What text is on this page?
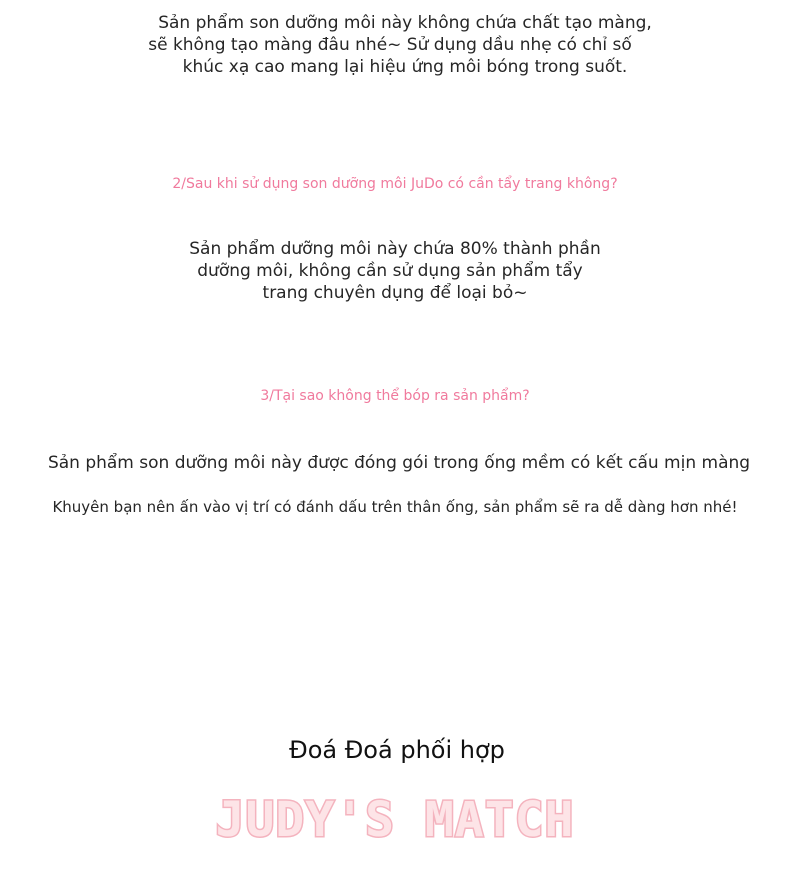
Sản phẩm son dưỡng môi này không chứa chất tạo màng,
sẽ không tạo màng đâu nhé~ Sử dụng dầu nhẹ có chỉ số
khúc xạ cao mang lại hiệu ứng môi bóng trong suốt.
2/Sau khi sử dụng son dưỡng môi JuDo có cần tẩy trang không?
Sản phẩm dưỡng môi này chứa 80% thành phần
dưỡng môi, không cần sử dụng sản phẩm tẩy
trang chuyên dụng để loại bỏ~
3/Tại sao không thể bóp ra sản phẩm?
Sản phẩm son dưỡng môi này được đóng gói trong ống mềm có kết cấu mịn màng
Khuyên bạn nên ấn vào vị trí có đánh dấu trên thân ống, sản phẩm sẽ ra dễ dàng hơn nhé!
Đoá Đoá phối hợp
JUDY'S MATCH
